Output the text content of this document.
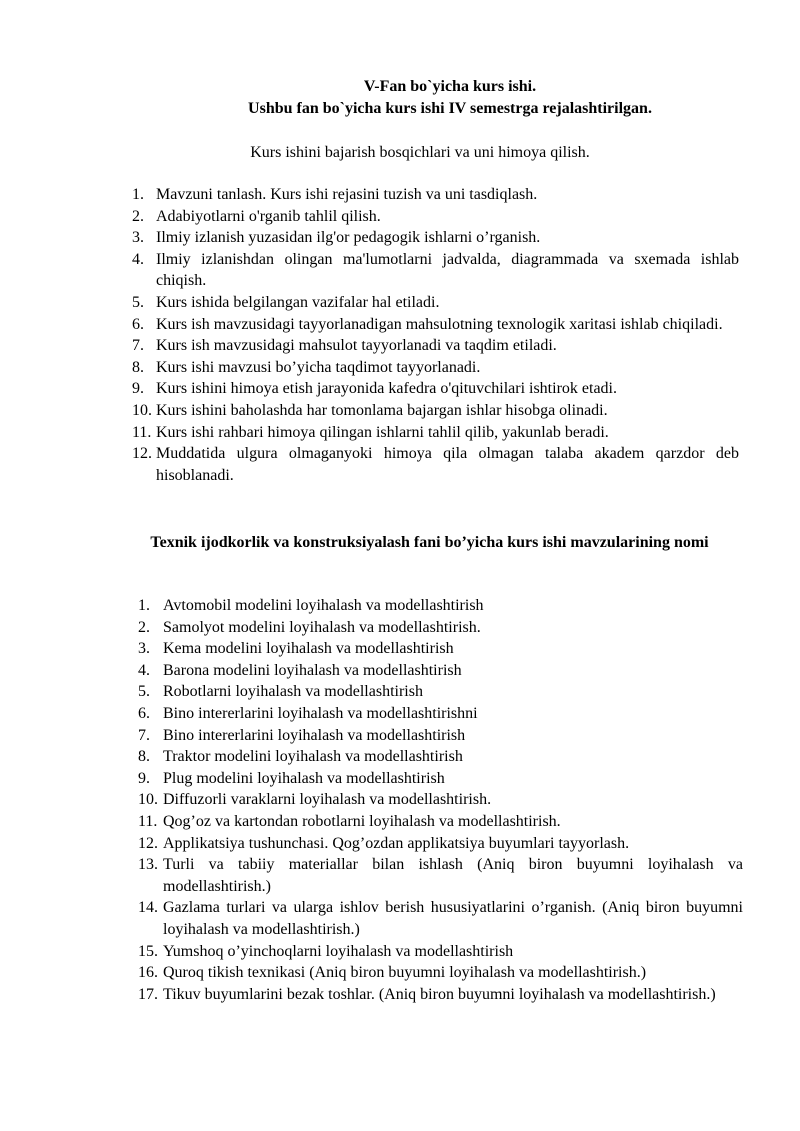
V-Fan bo`yicha kurs ishi.
Ushbu fan bo`yicha kurs ishi IV semestrga rejalashtirilgan.
Kurs ishini bajarish bosqichlari va uni himoya qilish.
1. Mavzuni tanlash. Kurs ishi rejasini tuzish va uni tasdiqlash.
2. Adabiyotlarni o'rganib tahlil qilish.
3. Ilmiy izlanish yuzasidan ilg'or pedagogik ishlarni o’rganish.
4. Ilmiy izlanishdan olingan ma'lumotlarni jadvalda, diagrammada va sxemada ishlab chiqish.
5. Kurs ishida belgilangan vazifalar hal etiladi.
6. Kurs ish mavzusidagi tayyorlanadigan mahsulotning texnologik xaritasi ishlab chiqiladi.
7. Kurs ish mavzusidagi mahsulot tayyorlanadi va taqdim etiladi.
8. Kurs ishi mavzusi bo’yicha taqdimot tayyorlanadi.
9. Kurs ishini himoya etish jarayonida kafedra o'qituvchilari ishtirok etadi.
10. Kurs ishini baholashda har tomonlama bajargan ishlar hisobga olinadi.
11. Kurs ishi rahbari himoya qilingan ishlarni tahlil qilib, yakunlab beradi.
12. Muddatida ulgura olmaganyoki himoya qila olmagan talaba akadem qarzdor deb hisoblanadi.
Texnik ijodkorlik va konstruksiyalash fani bo’yicha kurs ishi mavzularining nomi
1. Avtomobil modelini loyihalash va modellashtirish
2. Samolyot modelini loyihalash va modellashtirish.
3. Kema modelini loyihalash va modellashtirish
4. Barona modelini loyihalash va modellashtirish
5. Robotlarni loyihalash va modellashtirish
6. Bino intererlarini loyihalash va modellashtirishni
7. Bino intererlarini loyihalash va modellashtirish
8. Traktor modelini loyihalash va modellashtirish
9. Plug modelini loyihalash va modellashtirish
10. Diffuzorli varaklarni loyihalash va modellashtirish.
11. Qog’oz va kartondan robotlarni loyihalash va modellashtirish.
12. Applikatsiya tushunchasi. Qog’ozdan applikatsiya buyumlari tayyorlash.
13. Turli va tabiiy materiallar bilan ishlash (Aniq biron buyumni loyihalash va modellashtirish.)
14. Gazlama turlari va ularga ishlov berish hususiyatlarini o’rganish. (Aniq biron buyumni loyihalash va modellashtirish.)
15. Yumshoq o’yinchoqlarni loyihalash va modellashtirish
16. Quroq tikish texnikasi (Aniq biron buyumni loyihalash va modellashtirish.)
17. Tikuv buyumlarini bezak toshlar. (Aniq biron buyumni loyihalash va modellashtirish.)
